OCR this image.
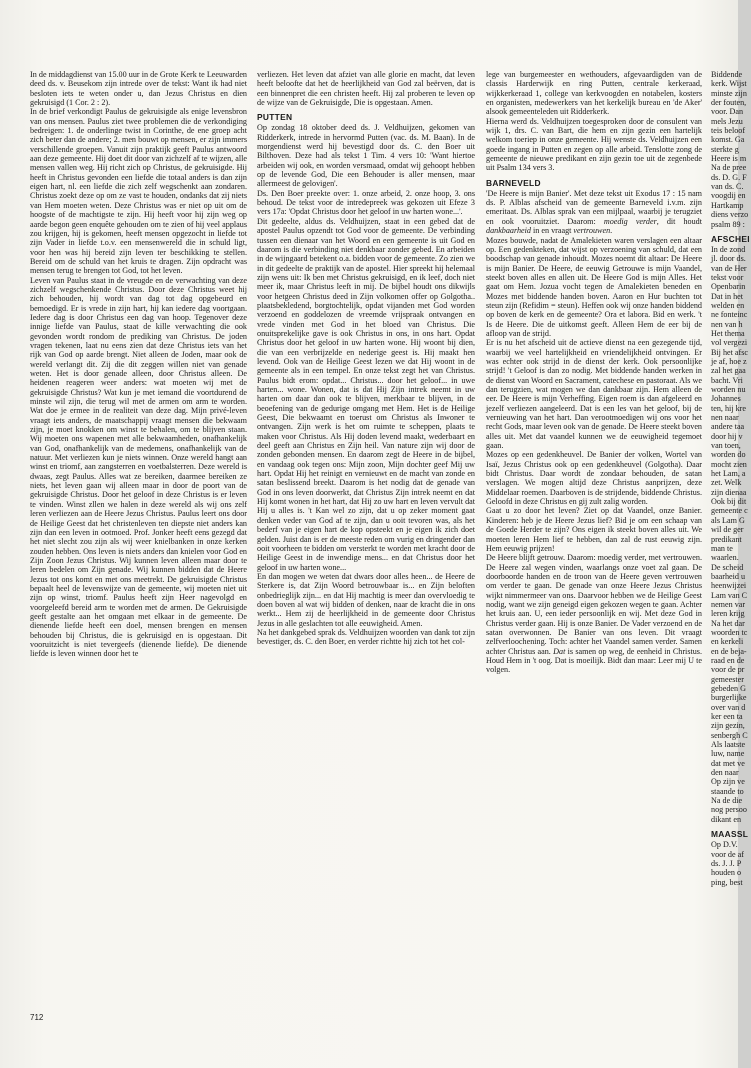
In de middagdienst van 15.00 uur in de Grote Kerk te Leeuwarden deed ds. v. Beusekom zijn intrede over de tekst: Want ik had niet besloten iets te weten onder u, dan Jezus Christus en dien gekruisigd (1 Cor. 2 : 2).

In de brief verkondigt Paulus de gekruisigde als enige levensbron van ons mensen. Paulus ziet twee problemen die de verkondiging bedreigen: 1. de onderlinge twist in Corinthe, de ene groep acht zich beter dan de andere; 2. men bouwt op mensen, er zijn immers verschillende groepen. Vanuit zijn praktijk geeft Paulus antwoord aan deze gemeente. Hij doet dit door van zichzelf af te wijzen, alle mensen vallen weg. Hij richt zich op Christus, de gekruisigde. Hij heeft in Christus gevonden een liefde die totaal anders is dan zijn eigen hart, nl. een liefde die zich zelf wegschenkt aan zondaren. Christus zoekt deze op om ze vast te houden, ondanks dat zij niets van Hem moeten weten. Deze Christus was er niet op uit om de hoogste of de machtigste te zijn. Hij heeft voor hij zijn weg op aarde begon geen enquête gehouden om te zien of hij veel applaus zou krijgen, hij is gekomen, heeft mensen opgezocht in liefde tot zijn Vader in liefde t.o.v. een mensenwereld die in schuld ligt, voor hen was hij bereid zijn leven ter beschikking te stellen. Bereid om de schuld van het kruis te dragen. Zijn opdracht was mensen terug te brengen tot God, tot het leven.

Leven van Paulus staat in de vreugde en de verwachting van deze zichzelf wegschenkende Christus. Door deze Christus weet hij zich behouden, hij wordt van dag tot dag opgebeurd en bemoedigd. Er is vrede in zijn hart, hij kan iedere dag voortgaan. Iedere dag is door Christus een dag van hoop. Tegenover deze innige liefde van Paulus, staat de kille verwachting die ook gevonden wordt rondom de prediking van Christus. De joden vragen tekenen, laat nu eens zien dat deze Christus iets van het rijk van God op aarde brengt. Niet alleen de Joden, maar ook de wereld verlangt dit. Zij die dit zeggen willen niet van genade weten. Het is door genade alleen, door Christus alleen. De heidenen reageren weer anders: wat moeten wij met de gekruisigde Christus? Wat kun je met iemand die voortdurend de minste wil zijn, die terug wil met de armen om arm te worden. Wat doe je ermee in de realiteit van deze dag. Mijn privé-leven vraagt iets anders, de maatschappij vraagt mensen die bekwaam zijn, je moet knokken om winst te behalen, om te blijven staan. Wij moeten ons wapenen met alle bekwaamheden, onafhankelijk van God, onafhankelijk van de medemens, onafhankelijk van de natuur. Met verliezen kun je niets winnen. Onze wereld hangt aan winst en triomf, aan zangsterren en voetbalsterren. Deze wereld is dwaas, zegt Paulus. Alles wat ze bereiken, daarmee bereiken ze niets, het leven gaan wij alleen maar in door de poort van de gekruisigde Christus. Door het geloof in deze Christus is er leven te vinden. Winst zllen we halen in deze wereld als wij ons zelf leren verliezen aan de Heere Jezus Christus. Paulus leert ons door de Heilige Geest dat het christenleven ten diepste niet anders kan zijn dan een leven in ootmoed. Prof. Jonker heeft eens gezegd dat het niet slecht zou zijn als wij weer knielbanken in onze kerken zouden hebben. Ons leven is niets anders dan knielen voor God en Zijn Zoon Jezus Christus. Wij kunnen leven alleen maar door te leren bedelen om Zijn genade. Wij kunnen bidden dat de Heere Jezus tot ons komt en met ons meetrekt. De gekruisigde Christus bepaalt heel de levenswijze van de gemeente, wij moeten niet uit zijn op winst, triomf. Paulus heeft zijn Heer nagevolgd en voorgeleefd bereid arm te worden met de armen. De Gekruisigde geeft gestalte aan het omgaan met elkaar in de gemeente. De dienende liefde heeft een doel, mensen brengen en mensen behouden bij Christus, die is gekruisigd en is opgestaan. Dit vooruitzicht is niet tevergeefs (dienende liefde). De dienende liefde is leven winnen door het te

verliezen. Het leven dat afziet van alle glorie en macht, dat leven heeft beloofte dat het de heerlijkheid van God zal beërven, dat is een binnenpret die een christen heeft. Hij zal proberen te leven op de wijze van de Gekruisigde, Die is opgestaan. Amen.

PUTTEN

Op zondag 18 oktober deed ds. J. Veldhuijzen, gekomen van Ridderkerk, intrede in hervormd Putten (vac. ds. M. Baan). In de morgendienst werd hij bevestigd door ds. C. den Boer uit Bilthoven. Deze had als tekst 1 Tim. 4 vers 10: 'Want hiertoe arbeiden wij ook, en worden versmaad, omdat wij gehoopt hebben op de levende God, Die een Behouder is aller mensen, maar allermeest de gelovigen'.

Ds. Den Boer preekte over: 1. onze arbeid, 2. onze hoop, 3. ons behoud. De tekst voor de intredepreek was gekozen uit Efeze 3 vers 17a: 'Opdat Christus door het geloof in uw harten wone...'.

Dit gedeelte, aldus ds. Veldhuijzen, staat in een gebed dat de apostel Paulus opzendt tot God voor de gemeente. De verbinding tussen een dienaar van het Woord en een gemeente is uit God en daarom is die verbinding niet denkbaar zonder gebed. En arbeiden in de wijngaard betekent o.a. bidden voor de gemeente. Zo zien we in dit gedeelte de praktijk van de apostel. Hier spreekt hij helemaal zijn wens uit: Ik ben met Christus gekruisigd, en ik leef, doch niet meer ik, maar Christus leeft in mij. De bijbel houdt ons dikwijls voor hetgeen Christus deed in Zijn volkomen offer op Golgotha.. plaatsbekledend, borgtochtelijk, opdat vijanden met God worden verzoend en goddelozen de vreemde vrijspraak ontvangen en vrede vinden met God in het bloed van Christus. Die onuitsprekelijke gave is ook Christus in ons, in ons hart. Opdat Christus door het geloof in uw harten wone. Hij woont bij dien, die van een verbrijzelde en nederige geest is. Hij maakt hen levend. Ook van de Heilige Geest lezen we dat Hij woont in de gemeente als in een tempel. En onze tekst zegt het van Christus. Paulus bidt erom: opdat... Christus... door het geloof... in uwe harten... wone. Wonen, dat is dat Hij Zijn intrek neemt in uw harten om daar dan ook te blijven, merkbaar te blijven, in de beoefening van de gedurige omgang met Hem. Het is de Heilige Geest, Die bekwaamt en toerust om Christus als Inwoner te ontvangen. Zijn werk is het om ruimte te scheppen, plaats te maken voor Christus. Als Hij doden levend maakt, wederbaart en deel geeft aan Christus en Zijn heil. Van nature zijn wij door de zonden gebonden mensen. En daarom zegt de Heere in de bijbel, en vandaag ook tegen ons: Mijn zoon, Mijn dochter geef Mij uw hart. Opdat Hij het reinigt en vernieuwt en de macht van zonde en satan beslissend breekt. Daarom is het nodig dat de genade van God in ons leven doorwerkt, dat Christus Zijn intrek neemt en dat Hij komt wonen in het hart, dat Hij zo uw hart en leven vervult dat Hij u alles is. 't Kan wel zo zijn, dat u op zeker moment gaat denken veder van God af te zijn, dan u ooit tevoren was, als het bederf van je eigen hart de kop opsteekt en je eigen ik zich doet gelden. Juist dan is er de meeste reden om vurig en dringender dan ooit voorheen te bidden om versterkt te worden met kracht door de Heilige Geest in de inwendige mens... en dat Christus door het geloof in uw harten wone...

En dan mogen we weten dat dwars door alles heen... de Heere de Sterkere is, dat Zijn Woord betrouwbaar is... en Zijn beloften onbedrieglijk zijn... en dat Hij machtig is meer dan overvloedig te doen boven al wat wij bidden of denken, naar de kracht die in ons werkt... Hem zij de heerlijkheid in de gemeente door Christus Jezus in alle geslachten tot alle eeuwigheid. Amen.

Na het dankgebed sprak ds. Veldhuijzen woorden van dank tot zijn bevestiger, ds. C. den Boer, en verder richtte hij zich tot het col-

lege van burgemeester en wethouders, afgevaardigden van de classis Harderwijk en ring Putten, centrale kerkeraad, wijkkerkeraad 1, college van kerkvoogden en notabelen, kosters en organisten, medewerkers van het kerkelijk bureau en 'de Aker' alsook gemeenteleden uit Ridderkerk.

Hierna werd ds. Veldhuijzen toegesproken door de consulent van wijk 1, drs. C. van Bart, die hem en zijn gezin een hartelijk welkom toeriep in onze gemeente. Hij wenste ds. Veldhuijzen een goede ingang in Putten en zegen op alle arbeid. Tenslotte zong de gemeente de nieuwe predikant en zijn gezin toe uit de zegenbede uit Psalm 134 vers 3.

BARNEVELD

'De Heere is mijn Banier'. Met deze tekst uit Exodus 17 : 15 nam ds. P. Alblas afscheid van de gemeente Barneveld i.v.m. zijn emeritaat. Ds. Alblas sprak van een mijlpaal, waarbij je terugziet en ook vooruitziet. Daarom: moedig verder, dit houdt dankbaarheid in en vraagt vertrouwen.

Mozes bouwde, nadat de Amalekieten waren verslagen een altaar op. Een gedenkteken, dat wijst op verzoening van schuld, dat een boodschap van genade inhoudt. Mozes noemt dit altaar: De Heere is mijn Banier. De Heere, de eeuwig Getrouwe is mijn Vaandel, steekt boven alles en allen uit. De Heere God is mijn Alles. Het gaat om Hem. Jozua vocht tegen de Amalekieten beneden en Mozes met biddende handen boven. Aaron en Hur buchten tot steun zijn (Refidim = steun). Heffen ook wij onze handen biddend op boven de kerk en de gemeente? Ora et labora. Bid en werk. 't Is de Heere. Die de uitkomst geeft. Alleen Hem de eer bij de afloop van de strijd.

Er is nu het afscheid uit de actieve dienst na een gezegende tijd, waarbij we veel hartelijkheid en vriendelijkheid ontvingen. Er was echter ook strijd in de dienst der kerk. Ook persoonlijke strijd! 't Geloof is dan zo nodig. Met biddende handen werken in de dienst van Woord en Sacrament, catechese en pastoraat. Als we dan terugzien, wat mogen we dan dankbaar zijn. Hem alleen de eer. De Heere is mijn Verheffing. Eigen roem is dan afgeleerd en jezelf verliezen aangeleerd. Dat is een les van het geloof, bij de vernieuwing van het hart. Dan verootmoedigen wij ons voor het recht Gods, maar leven ook van de genade. De Heere steekt boven alles uit. Met dat vaandel kunnen we de eeuwigheid tegemoet gaan.

Mozes op een gedenkheuvel. De Banier der volken, Wortel van Isaï, Jezus Christus ook op een gedenkheuvel (Golgotha). Daar bidt Christus. Daar wordt de zondaar behouden, de satan verslagen. We mogen altijd deze Christus aanprijzen, deze Middelaar roemen. Daarboven is de strijdende, biddende Christus. Geloofd in deze Christus en gij zult zalig worden.

Gaat u zo door het leven? Ziet op dat Vaandel, onze Banier. Kinderen: heb je de Heere Jezus lief? Bid je om een schaap van de Goede Herder te zijn? Ons eigen ik steekt boven alles uit. We moeten leren Hem lief te hebben, dan zal de rust eeuwig zijn. Hem eeuwig prijzen!

De Heere blijft getrouw. Daarom: moedig verder, met vertrouwen. De Heere zal wegen vinden, waarlangs onze voet zal gaan. De doorboorde handen en de troon van de Heere geven vertrouwen om verder te gaan. De genade van onze Heere Jezus Christus wijkt nimmermeer van ons. Daarvoor hebben we de Heilige Geest nodig, want we zijn geneigd eigen gekozen wegen te gaan. Achter het kruis aan. U, een ieder persoonlijk en wij. Met deze God in Christus verder gaan. Hij is onze Banier. De Vader verzoend en de satan overwonnen. De Banier van ons leven. Dit vraagt zelfverloochening. Toch: achter het Vaandel samen verder. Samen achter Christus aan. Dat is samen op weg, de eenheid in Christus. Houd Hem in 't oog. Dat is moeilijk. Bidt dan maar: Leer mij U te volgen.

Biddende

kerk. Wijst

minste zijn

der fouten,

voor. Dan

mels Jezu

teis beloof

komst. Ga

sterkte g

Heere is m

Na de pree

ds. D. G. F

van ds. C.

voogdij en

Hartkamp

diens verzo

psalm 89 :

AFSCHEI

In de zond

jl. door ds.

van de Her

tekst voor

Openbarin

Dat in het

welden en

ne fonteinc

nen van h

Het thema

vol vergezi

Bij het afsc

je af, hoe z

zal het gaa

bacht. Vri

worden nu

Johannes

ten, hij kre

nen naar

andere taa

door hij v

van toen,

worden do

mocht zien

het Lam, a

zet. Welk

zijn dienaa

Ook bij dit

gemeente c

als Lam G

wil de ger

predikant

man te

waarlen.

De scheid

baarheid u

heenwijzei

Lam van C

nemen var

leren krijg

Na het dar

woorden tc

en kerkeli

en de beja-

raad en de

voor de pr

gemeester

gebeden G

burgerlijke

over van d

ker een ta

zijn gezin,

senbergh C

Als laatste

luw, name

dat met ve

den naar

Op zijn ve

staande to

Na de die

nog persoo

dikant en

MAASSL

Op D.V.

voor de af

ds. J. J. P

houden o

ping, best

712
